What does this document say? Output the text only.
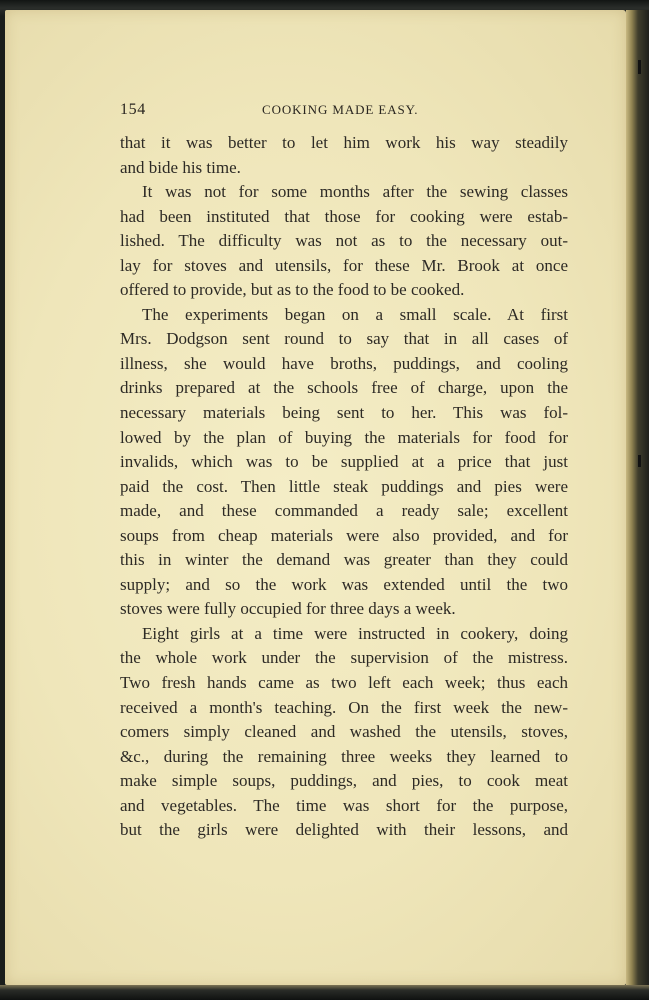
154	COOKING MADE EASY.
that it was better to let him work his way steadily
and bide his time.
It was not for some months after the sewing classes
had been instituted that those for cooking were estab-
lished. The difficulty was not as to the necessary out-
lay for stoves and utensils, for these Mr. Brook at once
offered to provide, but as to the food to be cooked.
The experiments began on a small scale. At first
Mrs. Dodgson sent round to say that in all cases of
illness, she would have broths, puddings, and cooling
drinks prepared at the schools free of charge, upon the
necessary materials being sent to her. This was fol-
lowed by the plan of buying the materials for food for
invalids, which was to be supplied at a price that just
paid the cost. Then little steak puddings and pies were
made, and these commanded a ready sale; excellent
soups from cheap materials were also provided, and for
this in winter the demand was greater than they could
supply; and so the work was extended until the two
stoves were fully occupied for three days a week.
Eight girls at a time were instructed in cookery, doing
the whole work under the supervision of the mistress.
Two fresh hands came as two left each week; thus each
received a month's teaching. On the first week the new-
comers simply cleaned and washed the utensils, stoves,
&c., during the remaining three weeks they learned to
make simple soups, puddings, and pies, to cook meat
and vegetables. The time was short for the purpose,
but the girls were delighted with their lessons, and
